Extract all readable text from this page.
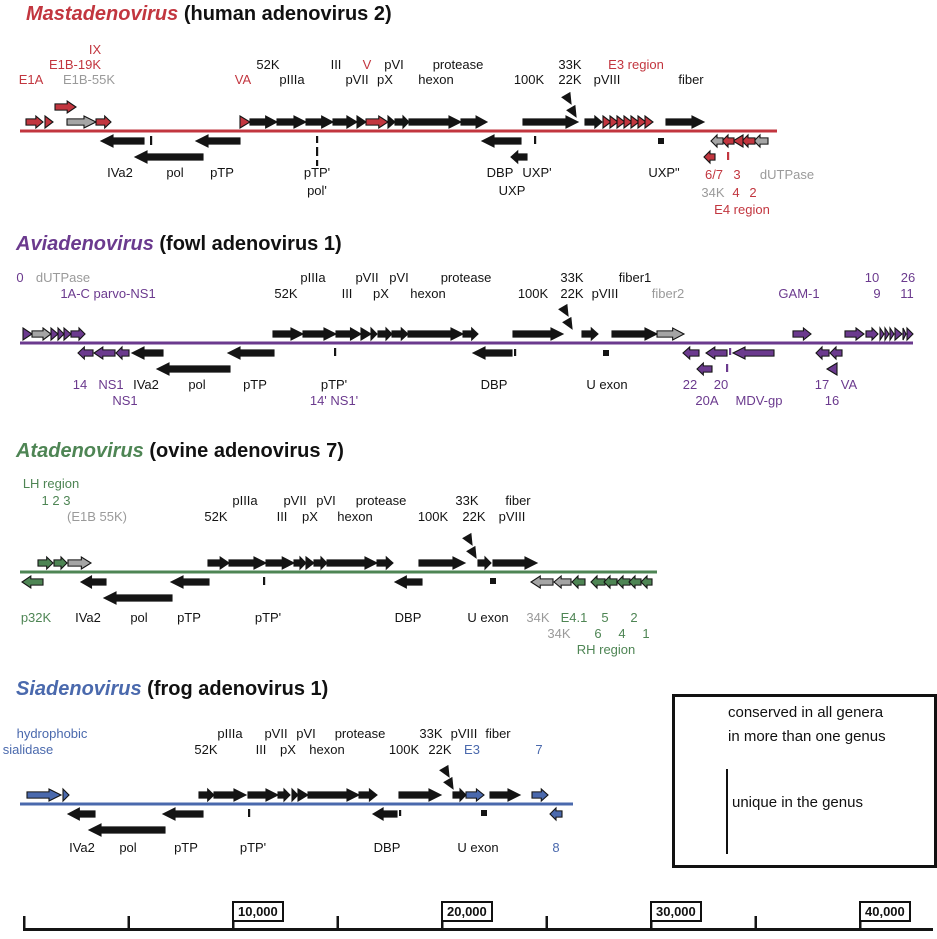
Mastadenovirus (human adenovirus 2)
IX
E1B-19K
E1A E1B-55K
52K
VA pIIIa
III V pVI protease
pVII pX hexon
33K
100K 22K
E3 region
pVIII	fiber
IVa2	pol pTP	pTP'
pol'
DBP UXP'
UXP
UXP" 6/7 3 dUTPase
34K 4 2
E4 region
Aviadenovirus (fowl adenovirus 1)
0 dUTPase
1A-C parvo-NS1
pIIIa pVII pVI protease	33K	fiber1	10 26
52K	III pX hexon	100K 22K pVIII	fiber2	GAM-1	9 11
14 NS1 IVa2 pol	pTP	pTP'	DBP	U exon	22 20	17 VA
NS1	14' NS1'	20A MDV-gp	16
Atadenovirus (ovine adenovirus 7)
LH region
1 2 3
(E1B 55K)
pIIIa pVII pVI protease	33K fiber
52K	III pX hexon	100K 22K pVIII
p32K IVa2 pol pTP	pTP'	DBP	U exon 34K E4.1 5 2
34K 6 4 1
RH region
Siadenovirus (frog adenovirus 1)
hydrophobic
sialidase
pIIIa pVII pVI protease	33K pVIII fiber
52K	III pX hexon	100K 22K E3	7
IVa2 pol	pTP	pTP'	DBP	U exon	8
conserved in all genera
in more than one genus
unique in the genus
10,000	20,000	30,000	40,000
